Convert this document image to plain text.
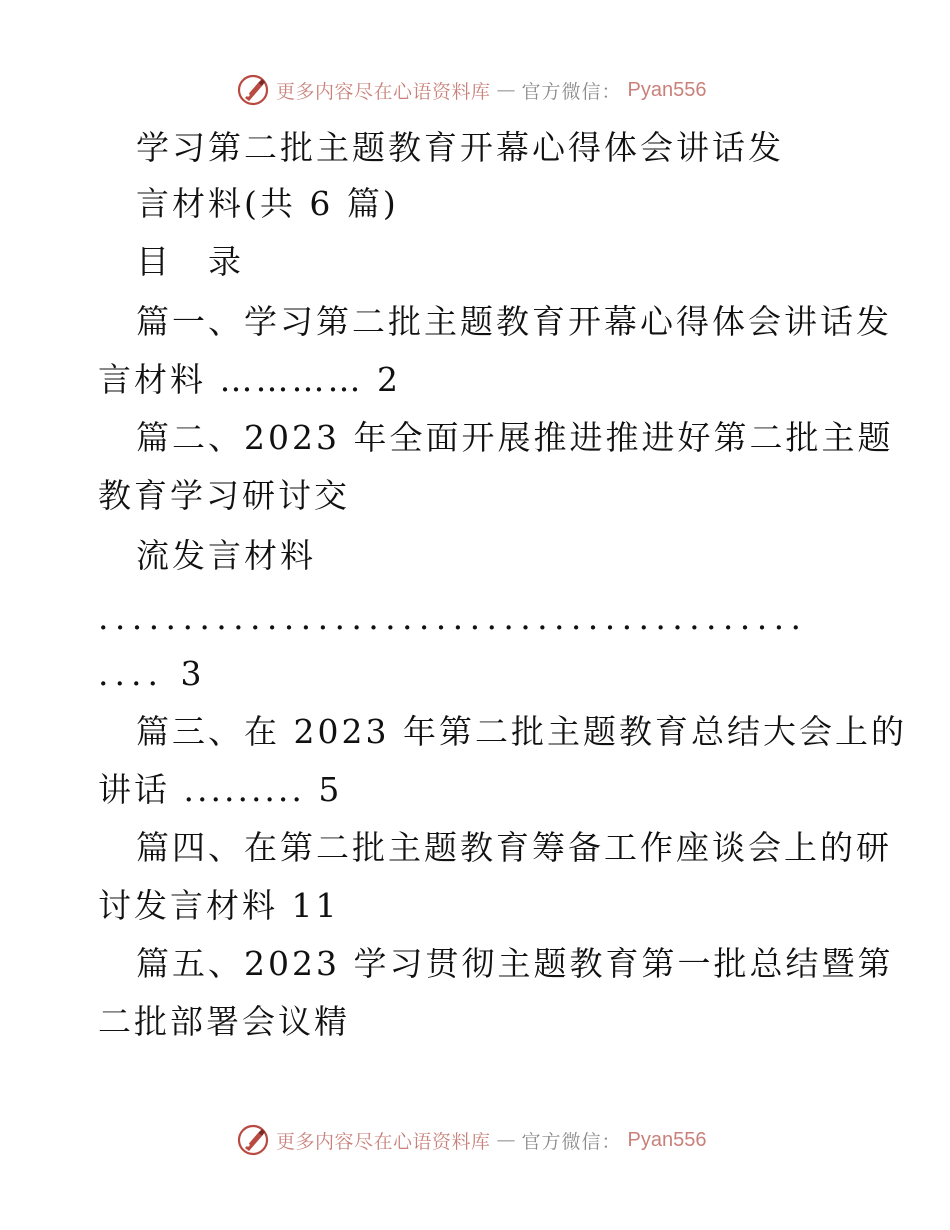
更多内容尽在心语资料库 — 官方微信： Pyan556
学习第二批主题教育开幕心得体会讲话发
言材料(共 6 篇)
目　录
篇一、学习第二批主题教育开幕心得体会讲话发
言材料 ………… 2
篇二、2023 年全面开展推进推进好第二批主题
教育学习研讨交
流发言材料
..........................................
.... 3
篇三、在 2023 年第二批主题教育总结大会上的
讲话 ......... 5
篇四、在第二批主题教育筹备工作座谈会上的研
讨发言材料 11
篇五、2023 学习贯彻主题教育第一批总结暨第
二批部署会议精
更多内容尽在心语资料库 — 官方微信： Pyan556
